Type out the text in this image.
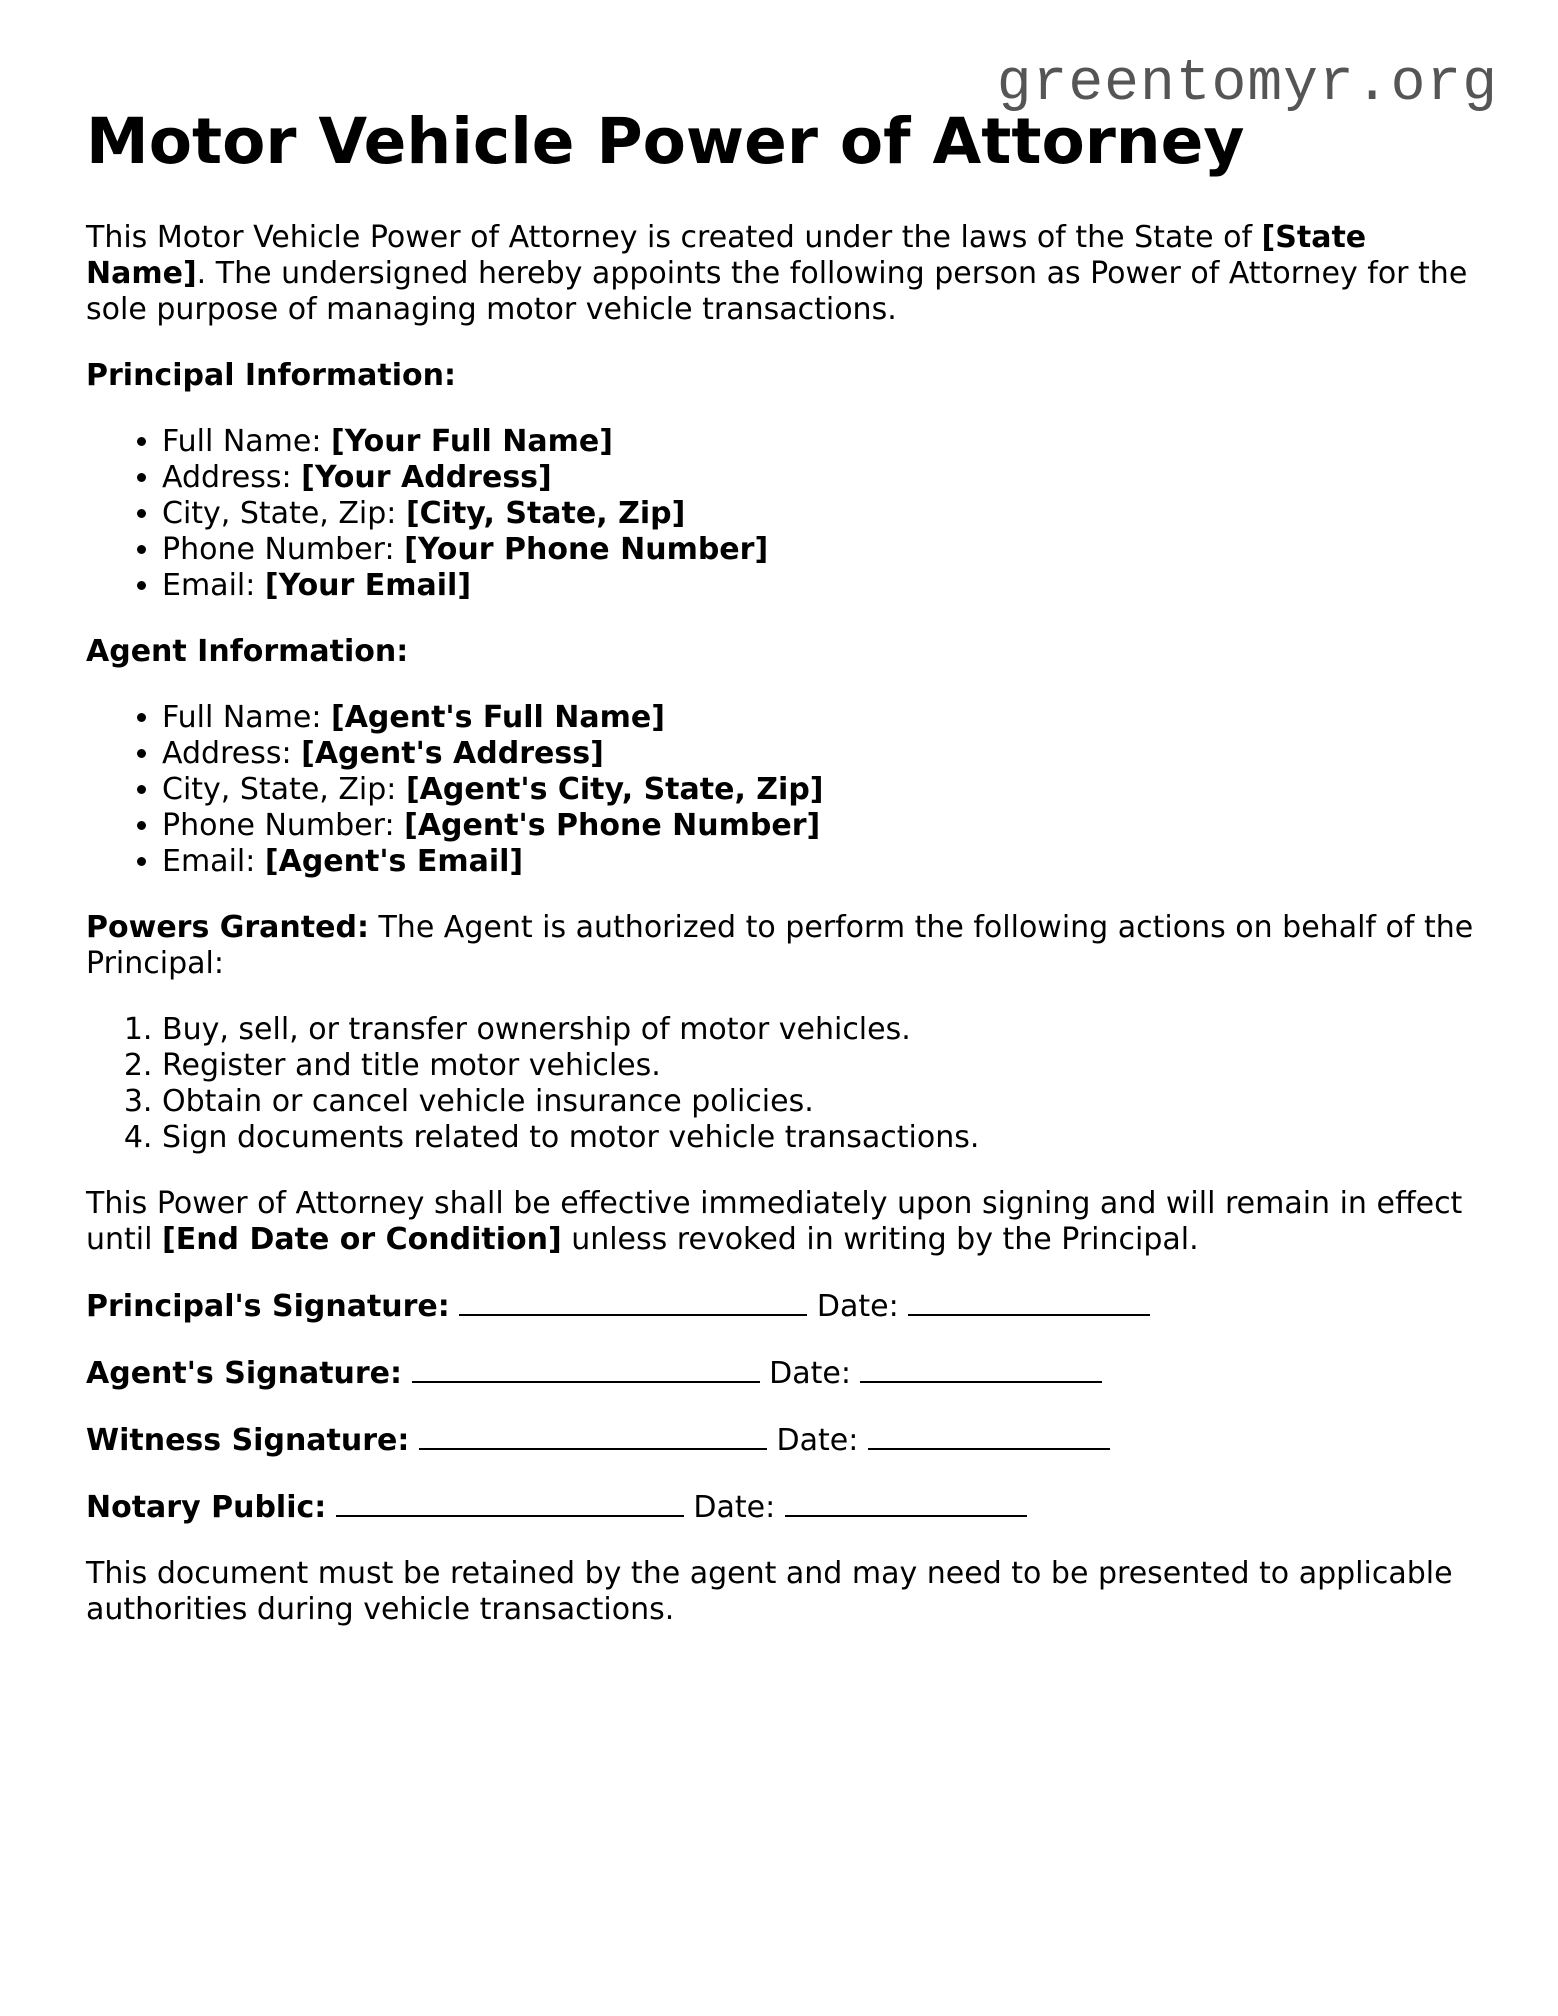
greentomyr.org
Motor Vehicle Power of Attorney

This Motor Vehicle Power of Attorney is created under the laws of the State of [State Name]. The undersigned hereby appoints the following person as Power of Attorney for the sole purpose of managing motor vehicle transactions.

Principal Information:
• Full Name: [Your Full Name]
• Address: [Your Address]
• City, State, Zip: [City, State, Zip]
• Phone Number: [Your Phone Number]
• Email: [Your Email]
Agent Information:
• Full Name: [Agent's Full Name]
• Address: [Agent's Address]
• City, State, Zip: [Agent's City, State, Zip]
• Phone Number: [Agent's Phone Number]
• Email: [Agent's Email]

Powers Granted: The Agent is authorized to perform the following actions on behalf of the Principal:

1. Buy, sell, or transfer ownership of motor vehicles.
2. Register and title motor vehicles.
3. Obtain or cancel vehicle insurance policies.
4. Sign documents related to motor vehicle transactions.

This Power of Attorney shall be effective immediately upon signing and will remain in effect until [End Date or Condition] unless revoked in writing by the Principal.

Principal's Signature:	Date:
Agent's Signature:	Date:
Witness Signature:	Date:
Notary Public:	Date:

This document must be retained by the agent and may need to be presented to applicable authorities during vehicle transactions.
